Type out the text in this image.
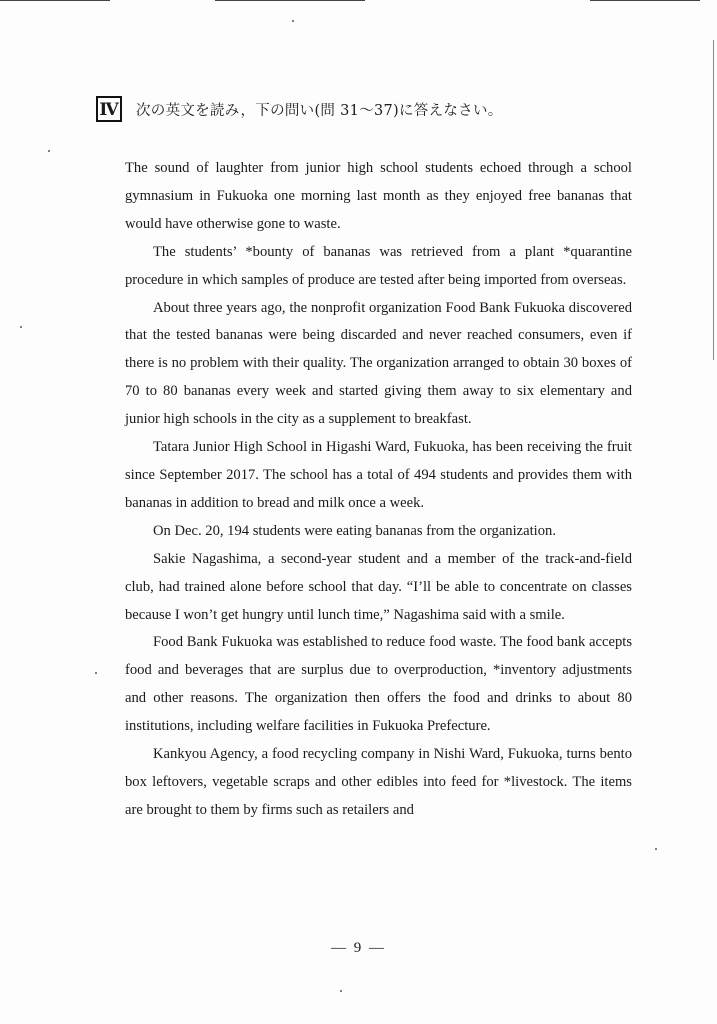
Ⅳ 次の英文を読み，下の問い(問 31～37)に答えなさい。

The sound of laughter from junior high school students echoed through a school gymnasium in Fukuoka one morning last month as they enjoyed free bananas that would have otherwise gone to waste.

The students’ *bounty of bananas was retrieved from a plant *quarantine procedure in which samples of produce are tested after being imported from overseas.

About three years ago, the nonprofit organization Food Bank Fukuoka discovered that the tested bananas were being discarded and never reached consumers, even if there is no problem with their quality. The organization arranged to obtain 30 boxes of 70 to 80 bananas every week and started giving them away to six elementary and junior high schools in the city as a supplement to breakfast.

Tatara Junior High School in Higashi Ward, Fukuoka, has been receiving the fruit since September 2017. The school has a total of 494 students and provides them with bananas in addition to bread and milk once a week.

On Dec. 20, 194 students were eating bananas from the organization.

Sakie Nagashima, a second-year student and a member of the track-and-field club, had trained alone before school that day. “I’ll be able to concentrate on classes because I won’t get hungry until lunch time,” Nagashima said with a smile.

Food Bank Fukuoka was established to reduce food waste. The food bank accepts food and beverages that are surplus due to overproduction, *inventory adjustments and other reasons. The organization then offers the food and drinks to about 80 institutions, including welfare facilities in Fukuoka Prefecture.

Kankyou Agency, a food recycling company in Nishi Ward, Fukuoka, turns bento box leftovers, vegetable scraps and other edibles into feed for *livestock. The items are brought to them by firms such as retailers and

— 9 —
